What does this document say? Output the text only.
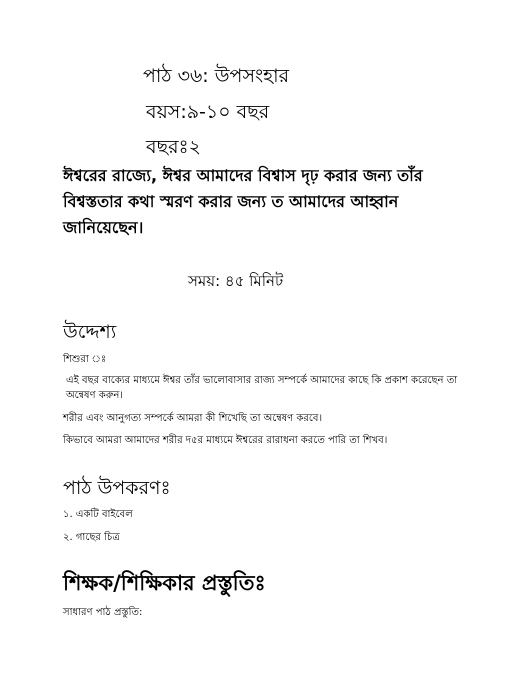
পাঠ ৩৬: উপসংহার
বয়স:৯-১০ বছর
বছরঃ২
ঈশ্বরের রাজ্যে, ঈশ্বর আমাদের বিশ্বাস দৃঢ় করার জন্য তাঁর বিশ্বস্ততার কথা স্মরণ করার জন্য ত আমাদের আহ্বান জানিয়েছেন।
সময়: ৪৫ মিনিট
উদ্দেশ্য
শিশুরা ঃ
এই বছর বাক্যের মাধ্যমে ঈশ্বর তাঁর ভালোবাসার রাজ্য সম্পর্কে আমাদের কাছে কি প্রকাশ করেছেন তা অন্বেষণ করুন।
শরীর এবং আনুগত্য সম্পর্কে আমরা কী শিখেছি তা অন্বেষণ করবে।
কিভাবে আমরা আমাদের শরীর দ৫র মাধ্যমে ঈশ্বরের রারাধনা করতে পারি তা শিখব।
পাঠ উপকরণঃ
১. একটি বাইবেল
২. গাছের চিত্র
শিক্ষক/শিক্ষিকার প্রস্তুতিঃ
সাধারণ পাঠ প্রস্তুতি:
